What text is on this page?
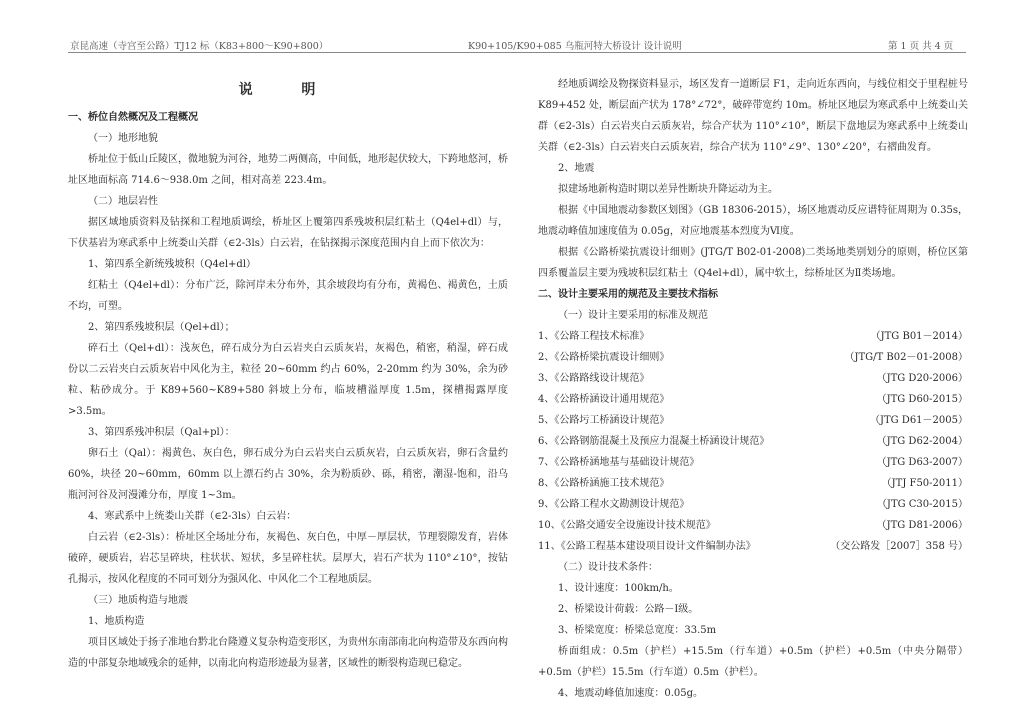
京昆高速（寺宫至公路）TJ12 标（K83+800～K90+800）	K90+105/K90+085 乌瓶河特大桥设计 设计说明	第 1 页 共 4 页

说 明

一、桥位自然概况及工程概况

（一）地形地貌

桥址位于低山丘陵区，微地貌为河谷，地势二两侧高，中间低，地形起伏较大，下跨地悠河，桥址区地面标高 714.6～938.0m 之间，相对高差 223.4m。

（二）地层岩性

据区域地质资料及钻探和工程地质调绘，桥址区上覆第四系残坡积层红粘土（Q4el+dl）与，下伏基岩为寒武系中上统娄山关群（∈2-3ls）白云岩，在钻探揭示深度范围内自上而下依次为：

1、第四系全新统残坡积（Q4el+dl）

红粘土（Q4el+dl）：分布广泛，除河岸未分布外，其余坡段均有分布，黄褐色、褐黄色，土质不均，可塑。

2、第四系残坡积层（Qel+dl）；

碎石土（Qel+dl）：浅灰色，碎石成分为白云岩夹白云质灰岩，灰褐色，稍密，稍湿，碎石成份以二云岩夹白云质灰岩中风化为主，粒径 20~60mm 约占 60%，2-20mm 约为 30%，余为砂粒、粘砂成分。于 K89+560~K89+580 斜坡上分布，临坡槽溢厚度 1.5m，探槽揭露厚度>3.5m。

3、第四系残冲积层（Qal+pl）：

卵石土（Qal）：褐黄色、灰白色，卵石成分为白云岩夹白云质灰岩，白云质灰岩，卵石含量约 60%，块径 20~60mm，60mm 以上漂石约占 30%，余为粉质砂、砾，稍密，潮湿-饱和，沿乌瓶河河谷及河漫滩分布，厚度 1~3m。

4、寒武系中上统娄山关群（∈2-3ls）白云岩：

白云岩（∈2-3ls）：桥址区全场址分布，灰褐色、灰白色，中厚－厚层状，节理裂隙发育，岩体破碎，硬质岩，岩芯呈碎块，柱状状、短状，多呈碎柱状。层厚大，岩石产状为 110°∠10°，按钻孔揭示，按风化程度的不同可划分为强风化、中风化二个工程地质层。

（三）地质构造与地震

1、地质构造

项目区域处于扬子准地台黔北台隆遵义复杂构造变形区，为贵州东南部南北向构造带及东西向构造的中部复杂地域残余的延伸，以南北向构造形迹最为显著，区域性的断裂构造现已稳定。

经地质调绘及物探资料显示，场区发育一道断层 F1，走向近东西向，与线位相交于里程桩号 K89+452 处，断层面产状为 178°∠72°，破碎带宽约 10m。桥址区地层为寒武系中上统娄山关群（∈2-3ls）白云岩夹白云质灰岩，综合产状为 110°∠10°，断层下盘地层为寒武系中上统娄山关群（∈2-3ls）白云岩夹白云质灰岩，综合产状为 110°∠9°、130°∠20°，右褶曲发育。

2、地震

拟建场地新构造时期以差异性断块升降运动为主。

根据《中国地震动参数区划图》（GB 18306-2015），场区地震动反应谱特征周期为 0.35s，地震动峰值加速度值为 0.05g，对应地震基本烈度为Ⅵ度。

根据《公路桥梁抗震设计细则》(JTG/T B02-01-2008)二类场地类别划分的原则，桥位区第四系覆盖层主要为残坡积层红粘土（Q4el+dl），属中软土，综桥址区为Ⅱ类场地。

二、设计主要采用的规范及主要技术指标

（一）设计主要采用的标准及规范

1、《公路工程技术标准》	（JTG B01－2014）
2、《公路桥梁抗震设计细则》	（JTG/T B02－01-2008）
3、《公路路线设计规范》	（JTG D20-2006）
4、《公路桥涵设计通用规范》	（JTG D60-2015）
5、《公路圬工桥涵设计规范》	（JTG D61－2005）
6、《公路钢筋混凝土及预应力混凝土桥涵设计规范》	（JTG D62-2004）
7、《公路桥涵地基与基础设计规范》	（JTG D63-2007）
8、《公路桥涵施工技术规范》	（JTJ F50-2011）
9、《公路工程水文勘测设计规范》	（JTG C30-2015）
10、《公路交通安全设施设计技术规范》	（JTG D81-2006）
11、《公路工程基本建设项目设计文件编制办法》	（交公路发［2007］358 号）

（二）设计技术条件：

1、设计速度：100km/h。

2、桥梁设计荷载：公路－Ⅰ级。

3、桥梁宽度：桥梁总宽度：33.5m

桥面组成：0.5m（护栏）+15.5m（行车道）+0.5m（护栏）+0.5m（中央分隔带）+0.5m（护栏）15.5m（行车道）0.5m（护栏）。

4、地震动峰值加速度：0.05g。
